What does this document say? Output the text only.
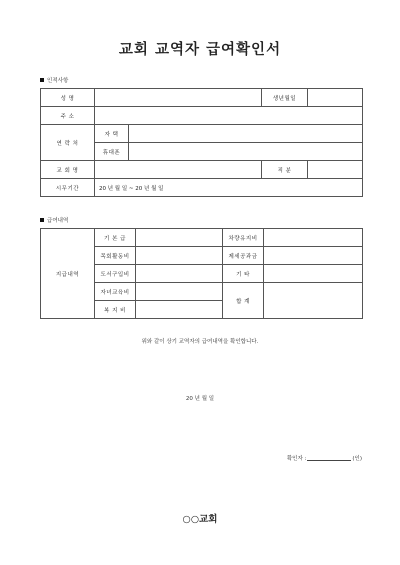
교회 교역자 급여확인서
인적사항
성 명			생년월일	
주 소				
연 락 처	자 택			
	휴대폰			
교 회 명			직 분	
시무기간	20 년 월 일 ~ 20 년 월 일			
급여내역
지급내역	기 본 급		차량유지비	
	목회활동비		제세공과금	
	도서구입비		기 타	
	자녀교육비		합 계	
	복 지 비			

위와 같이 상기 교역자의 급여내역을 확인합니다.

20 년 월 일

확인자 :	(인)

○○교회
